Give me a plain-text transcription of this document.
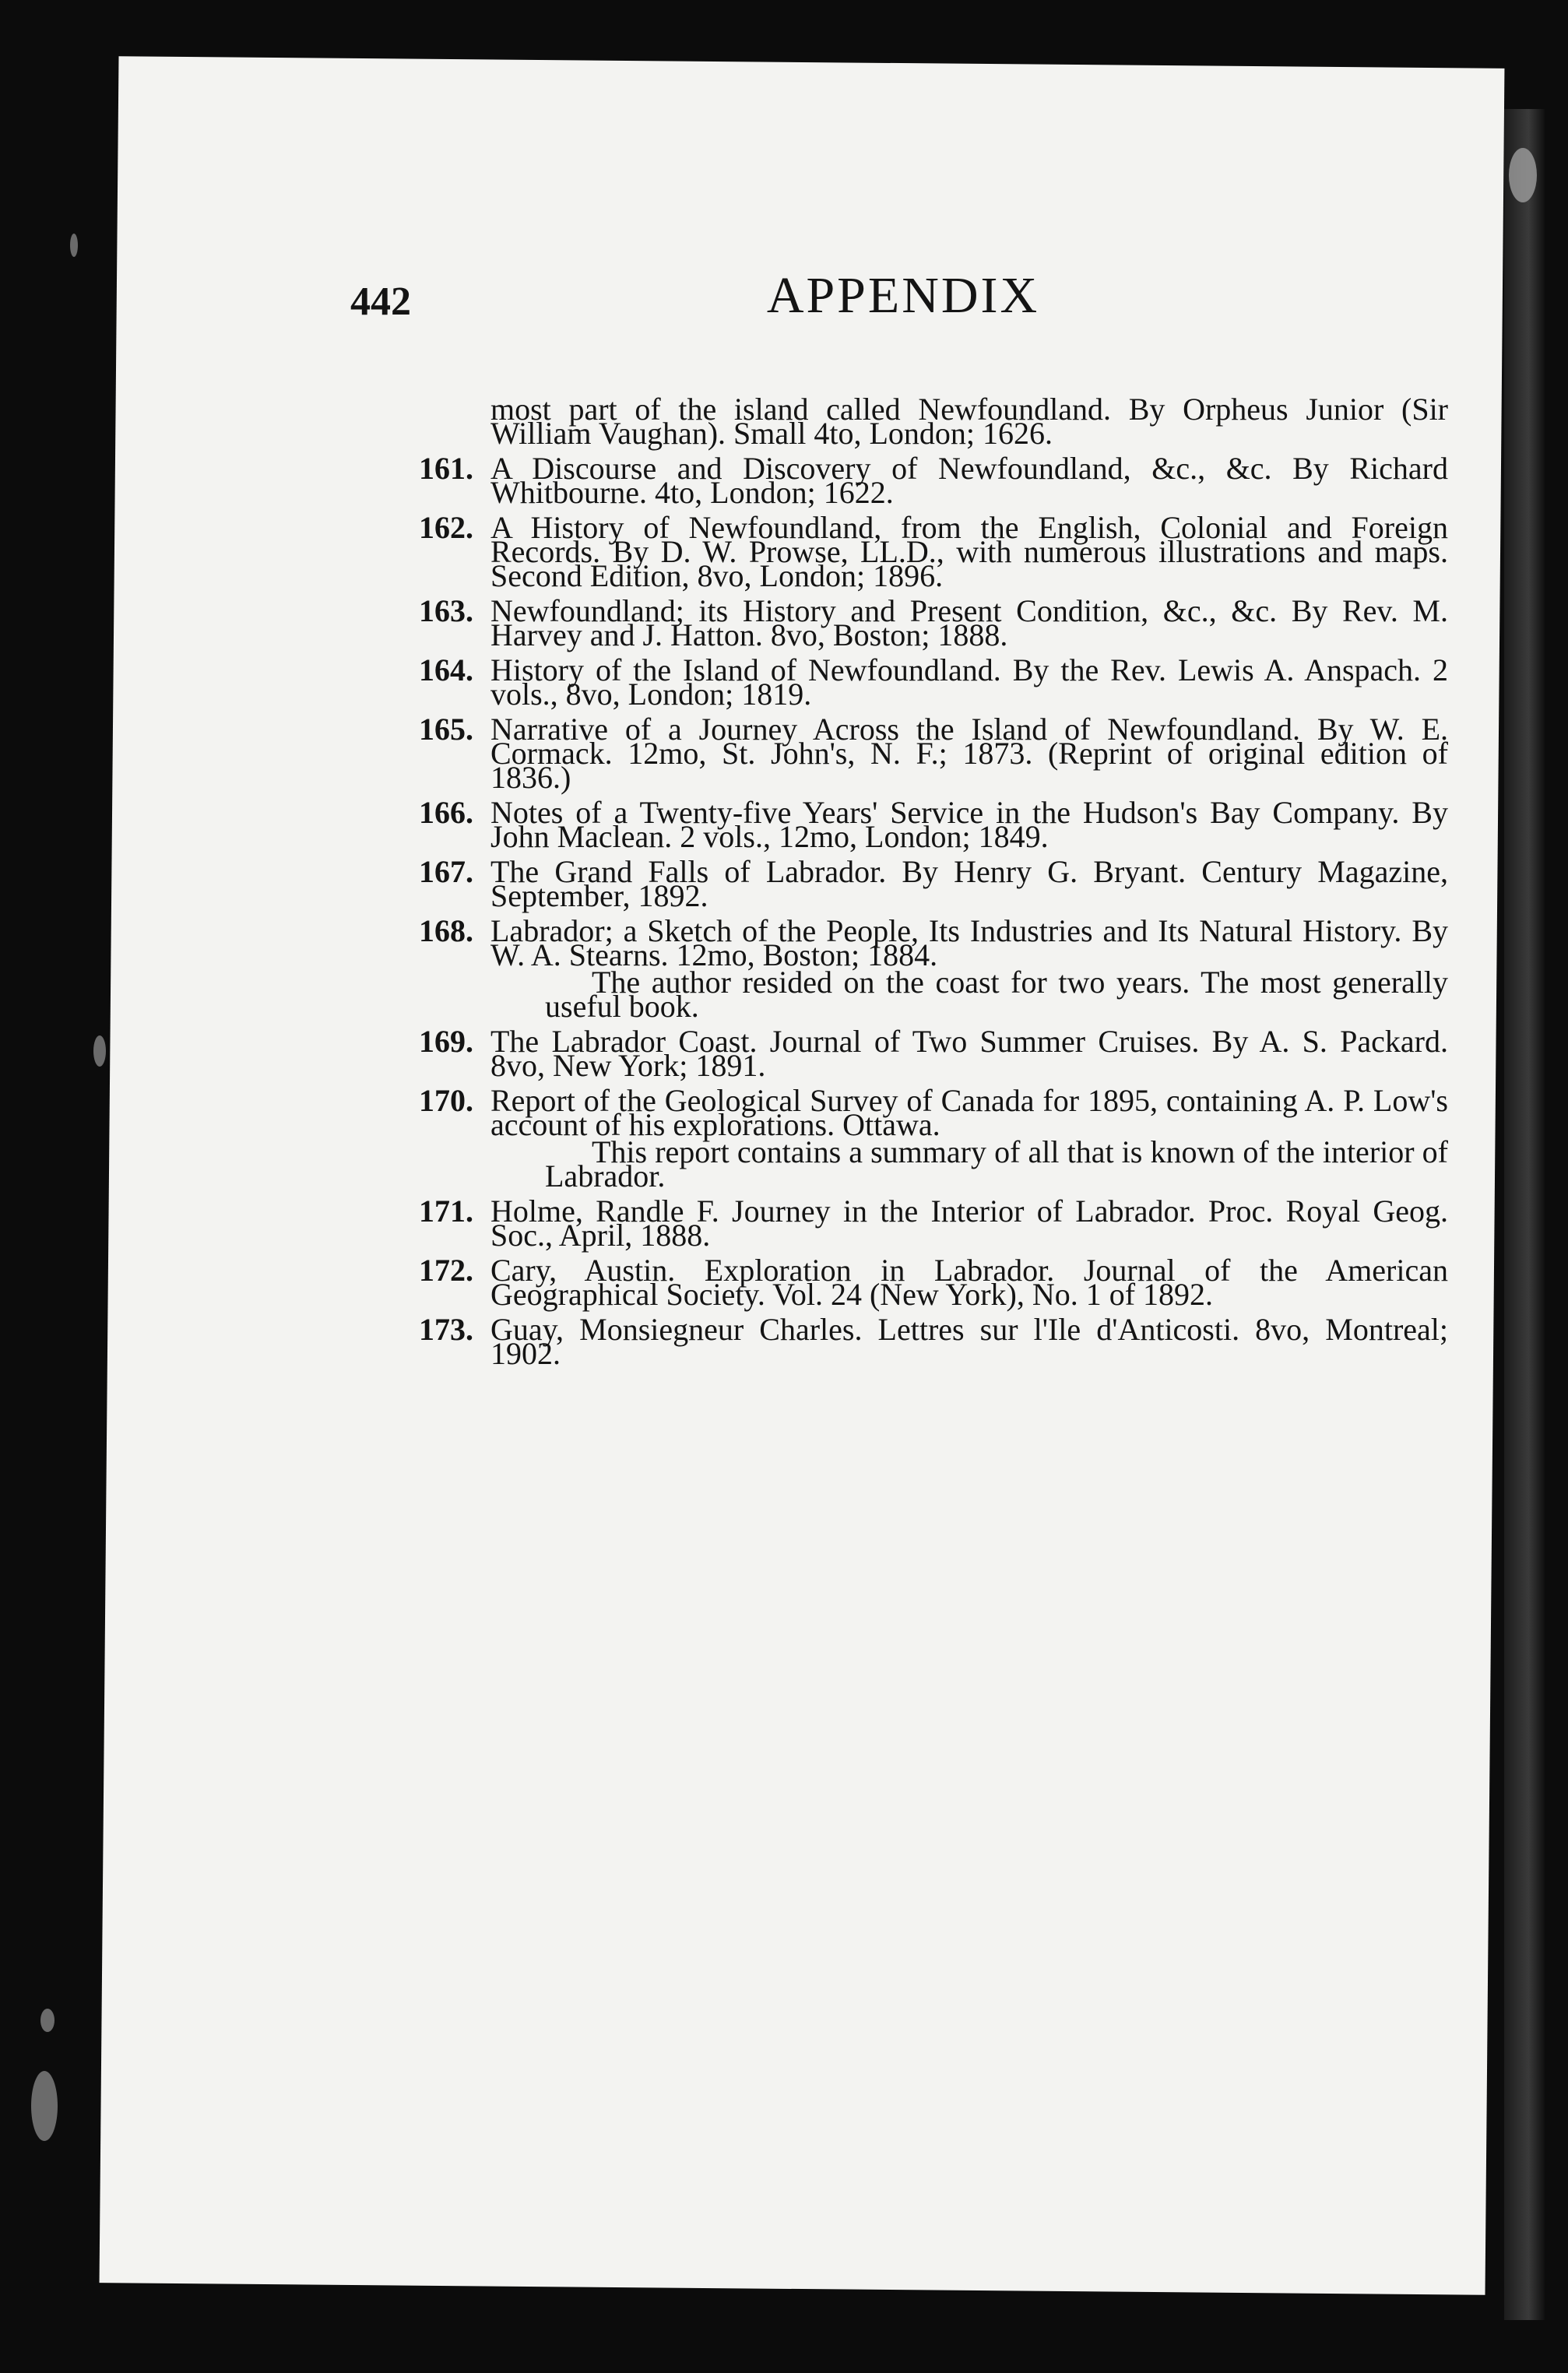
442	APPENDIX
most part of the island called Newfoundland. By Orpheus Junior (Sir William Vaughan). Small 4to, London; 1626.
161. A Discourse and Discovery of Newfoundland, &c., &c. By Richard Whitbourne. 4to, London; 1622.
162. A History of Newfoundland, from the English, Colonial and Foreign Records. By D. W. Prowse, LL.D., with numerous illustrations and maps. Second Edition, 8vo, London; 1896.
163. Newfoundland; its History and Present Condition, &c., &c. By Rev. M. Harvey and J. Hatton. 8vo, Boston; 1888.
164. History of the Island of Newfoundland. By the Rev. Lewis A. Anspach. 2 vols., 8vo, London; 1819.
165. Narrative of a Journey Across the Island of Newfoundland. By W. E. Cormack. 12mo, St. John's, N. F.; 1873. (Reprint of original edition of 1836.)
166. Notes of a Twenty-five Years' Service in the Hudson's Bay Company. By John Maclean. 2 vols., 12mo, London; 1849.
167. The Grand Falls of Labrador. By Henry G. Bryant. Century Magazine, September, 1892.
168. Labrador; a Sketch of the People, Its Industries and Its Natural History. By W. A. Stearns. 12mo, Boston; 1884.
The author resided on the coast for two years. The most generally useful book.
169. The Labrador Coast. Journal of Two Summer Cruises. By A. S. Packard. 8vo, New York; 1891.
170. Report of the Geological Survey of Canada for 1895, containing A. P. Low's account of his explorations. Ottawa.
This report contains a summary of all that is known of the interior of Labrador.
171. Holme, Randle F. Journey in the Interior of Labrador. Proc. Royal Geog. Soc., April, 1888.
172. Cary, Austin. Exploration in Labrador. Journal of the American Geographical Society. Vol. 24 (New York), No. 1 of 1892.
173. Guay, Monsiegneur Charles. Lettres sur l'Ile d'Anticosti. 8vo, Montreal; 1902.
